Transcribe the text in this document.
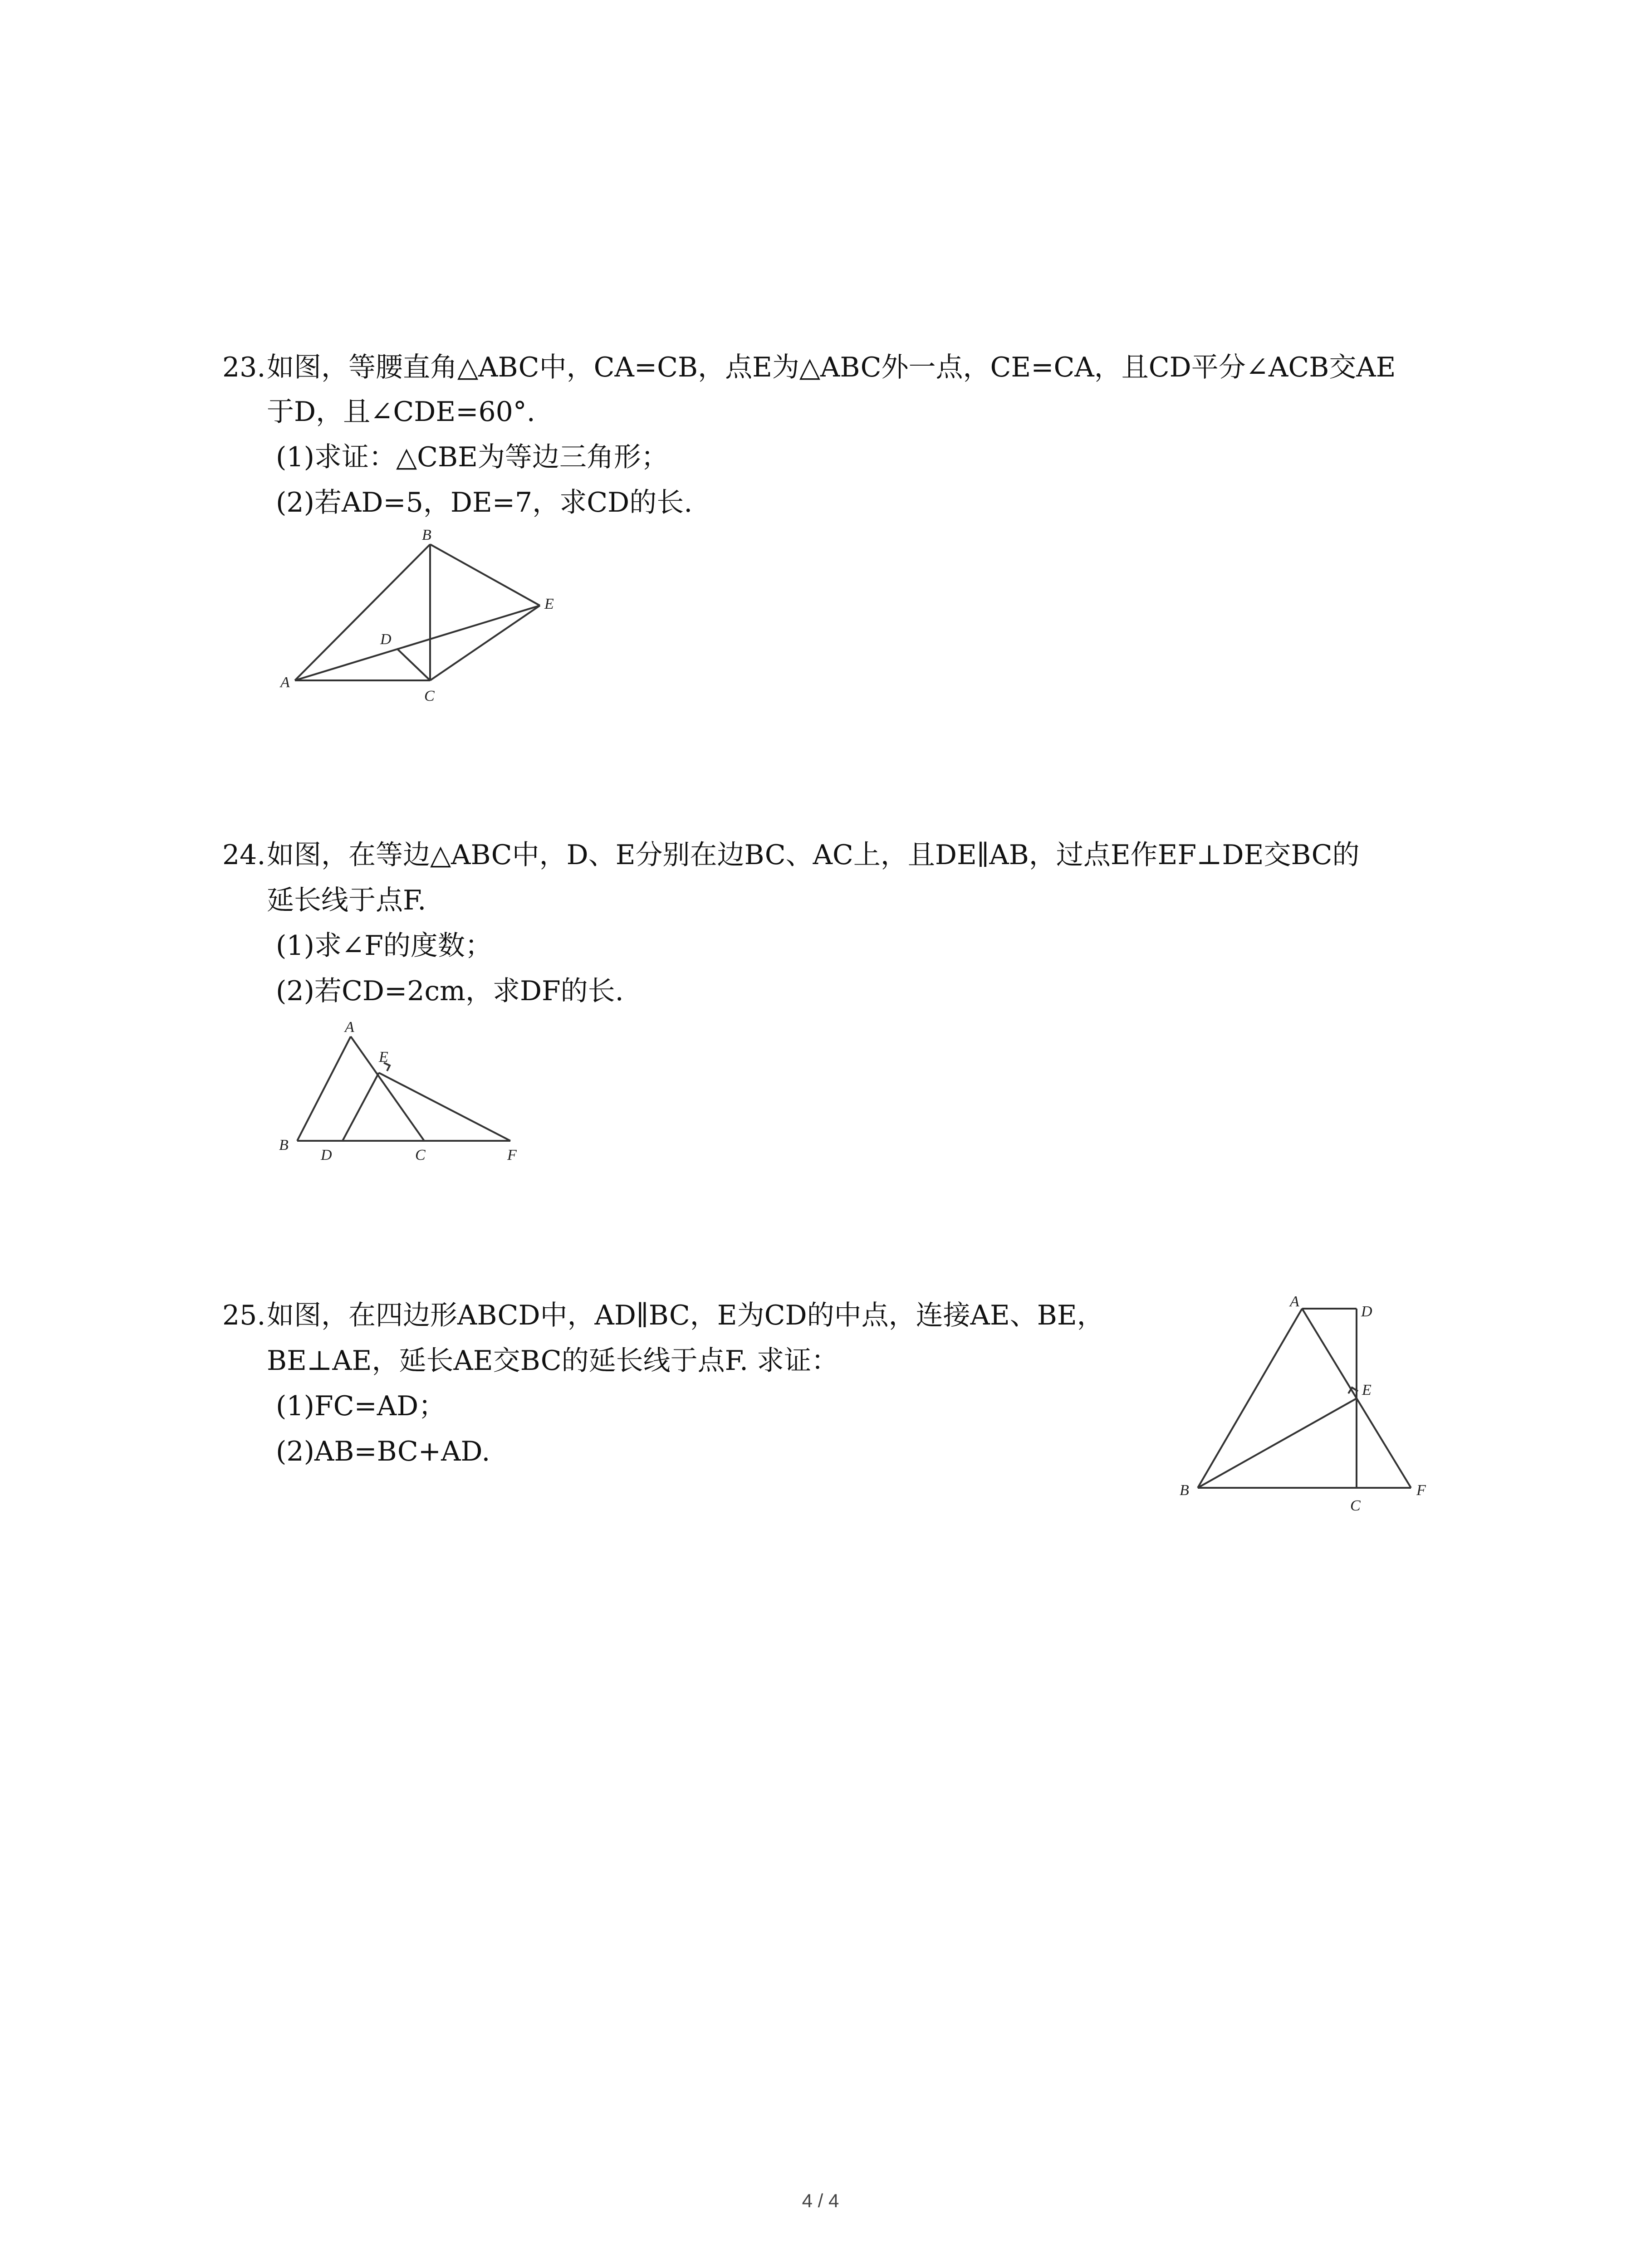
23. 如图，等腰直角△ABC中，CA=CB，点E为△ABC外一点，CE=CA，且CD平分∠ACB交AE
于D，且∠CDE=60°.
(1)求证：△CBE为等边三角形；
(2)若AD=5，DE=7，求CD的长.
A
B
C
D
E
24. 如图，在等边△ABC中，D、E分别在边BC、AC上，且DE∥AB，过点E作EF⊥DE交BC的
延长线于点F.
(1)求∠F的度数；
(2)若CD=2cm，求DF的长.
A
B
C
D
E
F
25. 如图，在四边形ABCD中，AD∥BC，E为CD的中点，连接AE、BE，
BE⊥AE，延长AE交BC的延长线于点F. 求证：
(1)FC=AD；
(2)AB=BC+AD.
A
B
C
D
E
F
4 / 4
